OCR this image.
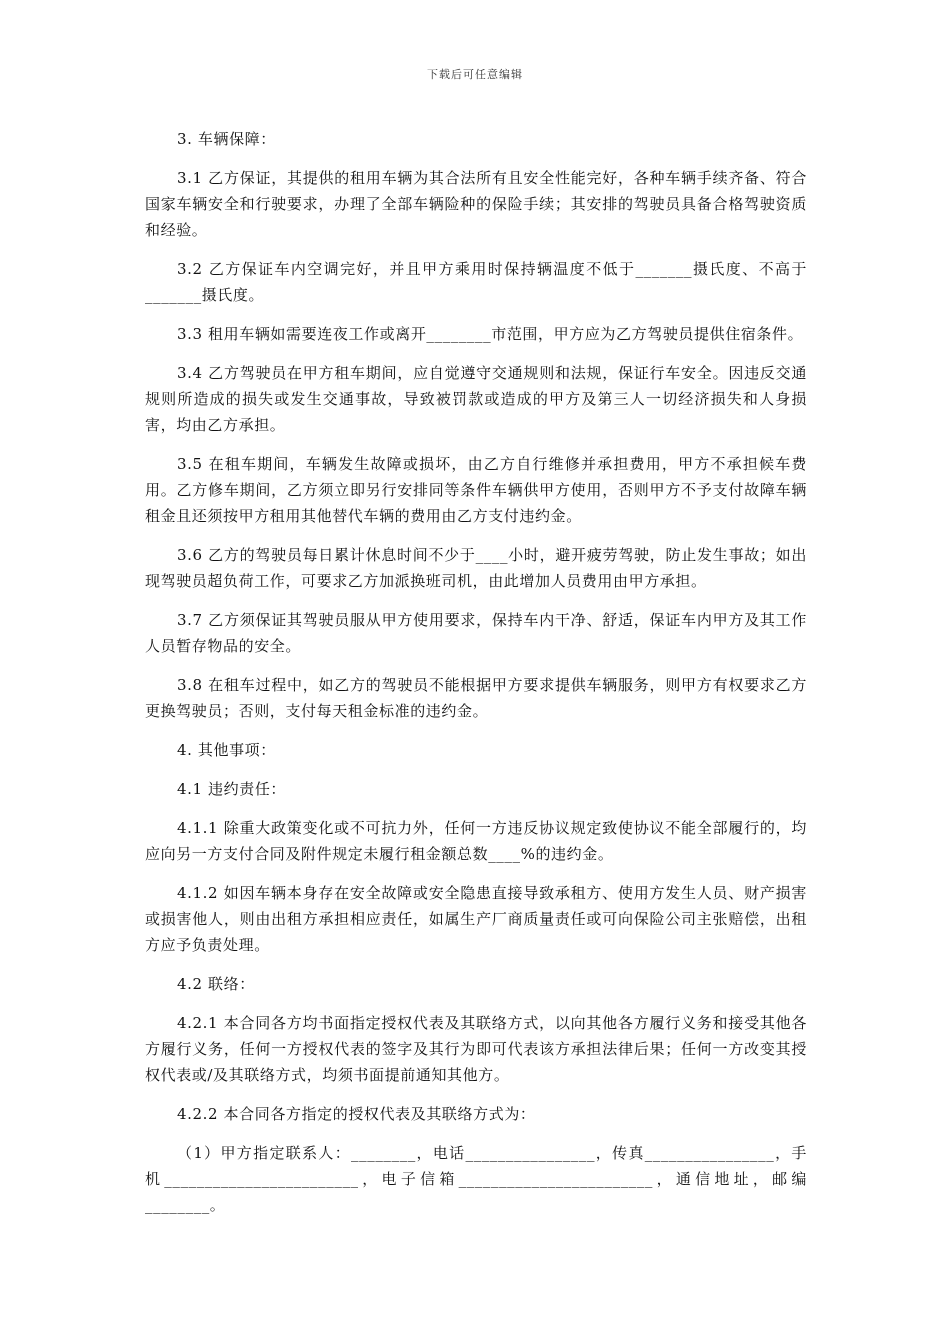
下载后可任意编辑

3. 车辆保障：

3.1 乙方保证，其提供的租用车辆为其合法所有且安全性能完好，各种车辆手续齐备、符合国家车辆安全和行驶要求，办理了全部车辆险种的保险手续；其安排的驾驶员具备合格驾驶资质和经验。

3.2 乙方保证车内空调完好，并且甲方乘用时保持辆温度不低于_______摄氏度、不高于_______摄氏度。

3.3 租用车辆如需要连夜工作或离开________市范围，甲方应为乙方驾驶员提供住宿条件。

3.4 乙方驾驶员在甲方租车期间，应自觉遵守交通规则和法规，保证行车安全。因违反交通规则所造成的损失或发生交通事故，导致被罚款或造成的甲方及第三人一切经济损失和人身损害，均由乙方承担。

3.5 在租车期间，车辆发生故障或损坏，由乙方自行维修并承担费用，甲方不承担候车费用。乙方修车期间，乙方须立即另行安排同等条件车辆供甲方使用，否则甲方不予支付故障车辆租金且还须按甲方租用其他替代车辆的费用由乙方支付违约金。

3.6 乙方的驾驶员每日累计休息时间不少于____小时，避开疲劳驾驶，防止发生事故；如出现驾驶员超负荷工作，可要求乙方加派换班司机，由此增加人员费用由甲方承担。

3.7 乙方须保证其驾驶员服从甲方使用要求，保持车内干净、舒适，保证车内甲方及其工作人员暂存物品的安全。

3.8 在租车过程中，如乙方的驾驶员不能根据甲方要求提供车辆服务，则甲方有权要求乙方更换驾驶员；否则，支付每天租金标准的违约金。

4. 其他事项：

4.1 违约责任：

4.1.1 除重大政策变化或不可抗力外，任何一方违反协议规定致使协议不能全部履行的，均应向另一方支付合同及附件规定未履行租金额总数____%的违约金。

4.1.2 如因车辆本身存在安全故障或安全隐患直接导致承租方、使用方发生人员、财产损害或损害他人，则由出租方承担相应责任，如属生产厂商质量责任或可向保险公司主张赔偿，出租方应予负责处理。

4.2 联络：

4.2.1 本合同各方均书面指定授权代表及其联络方式，以向其他各方履行义务和接受其他各方履行义务，任何一方授权代表的签字及其行为即可代表该方承担法律后果；任何一方改变其授权代表或/及其联络方式，均须书面提前通知其他方。

4.2.2 本合同各方指定的授权代表及其联络方式为：

（1）甲方指定联系人：________，电话________________，传真________________，手机________________________，电子信箱________________________，通信地址，邮编________。
